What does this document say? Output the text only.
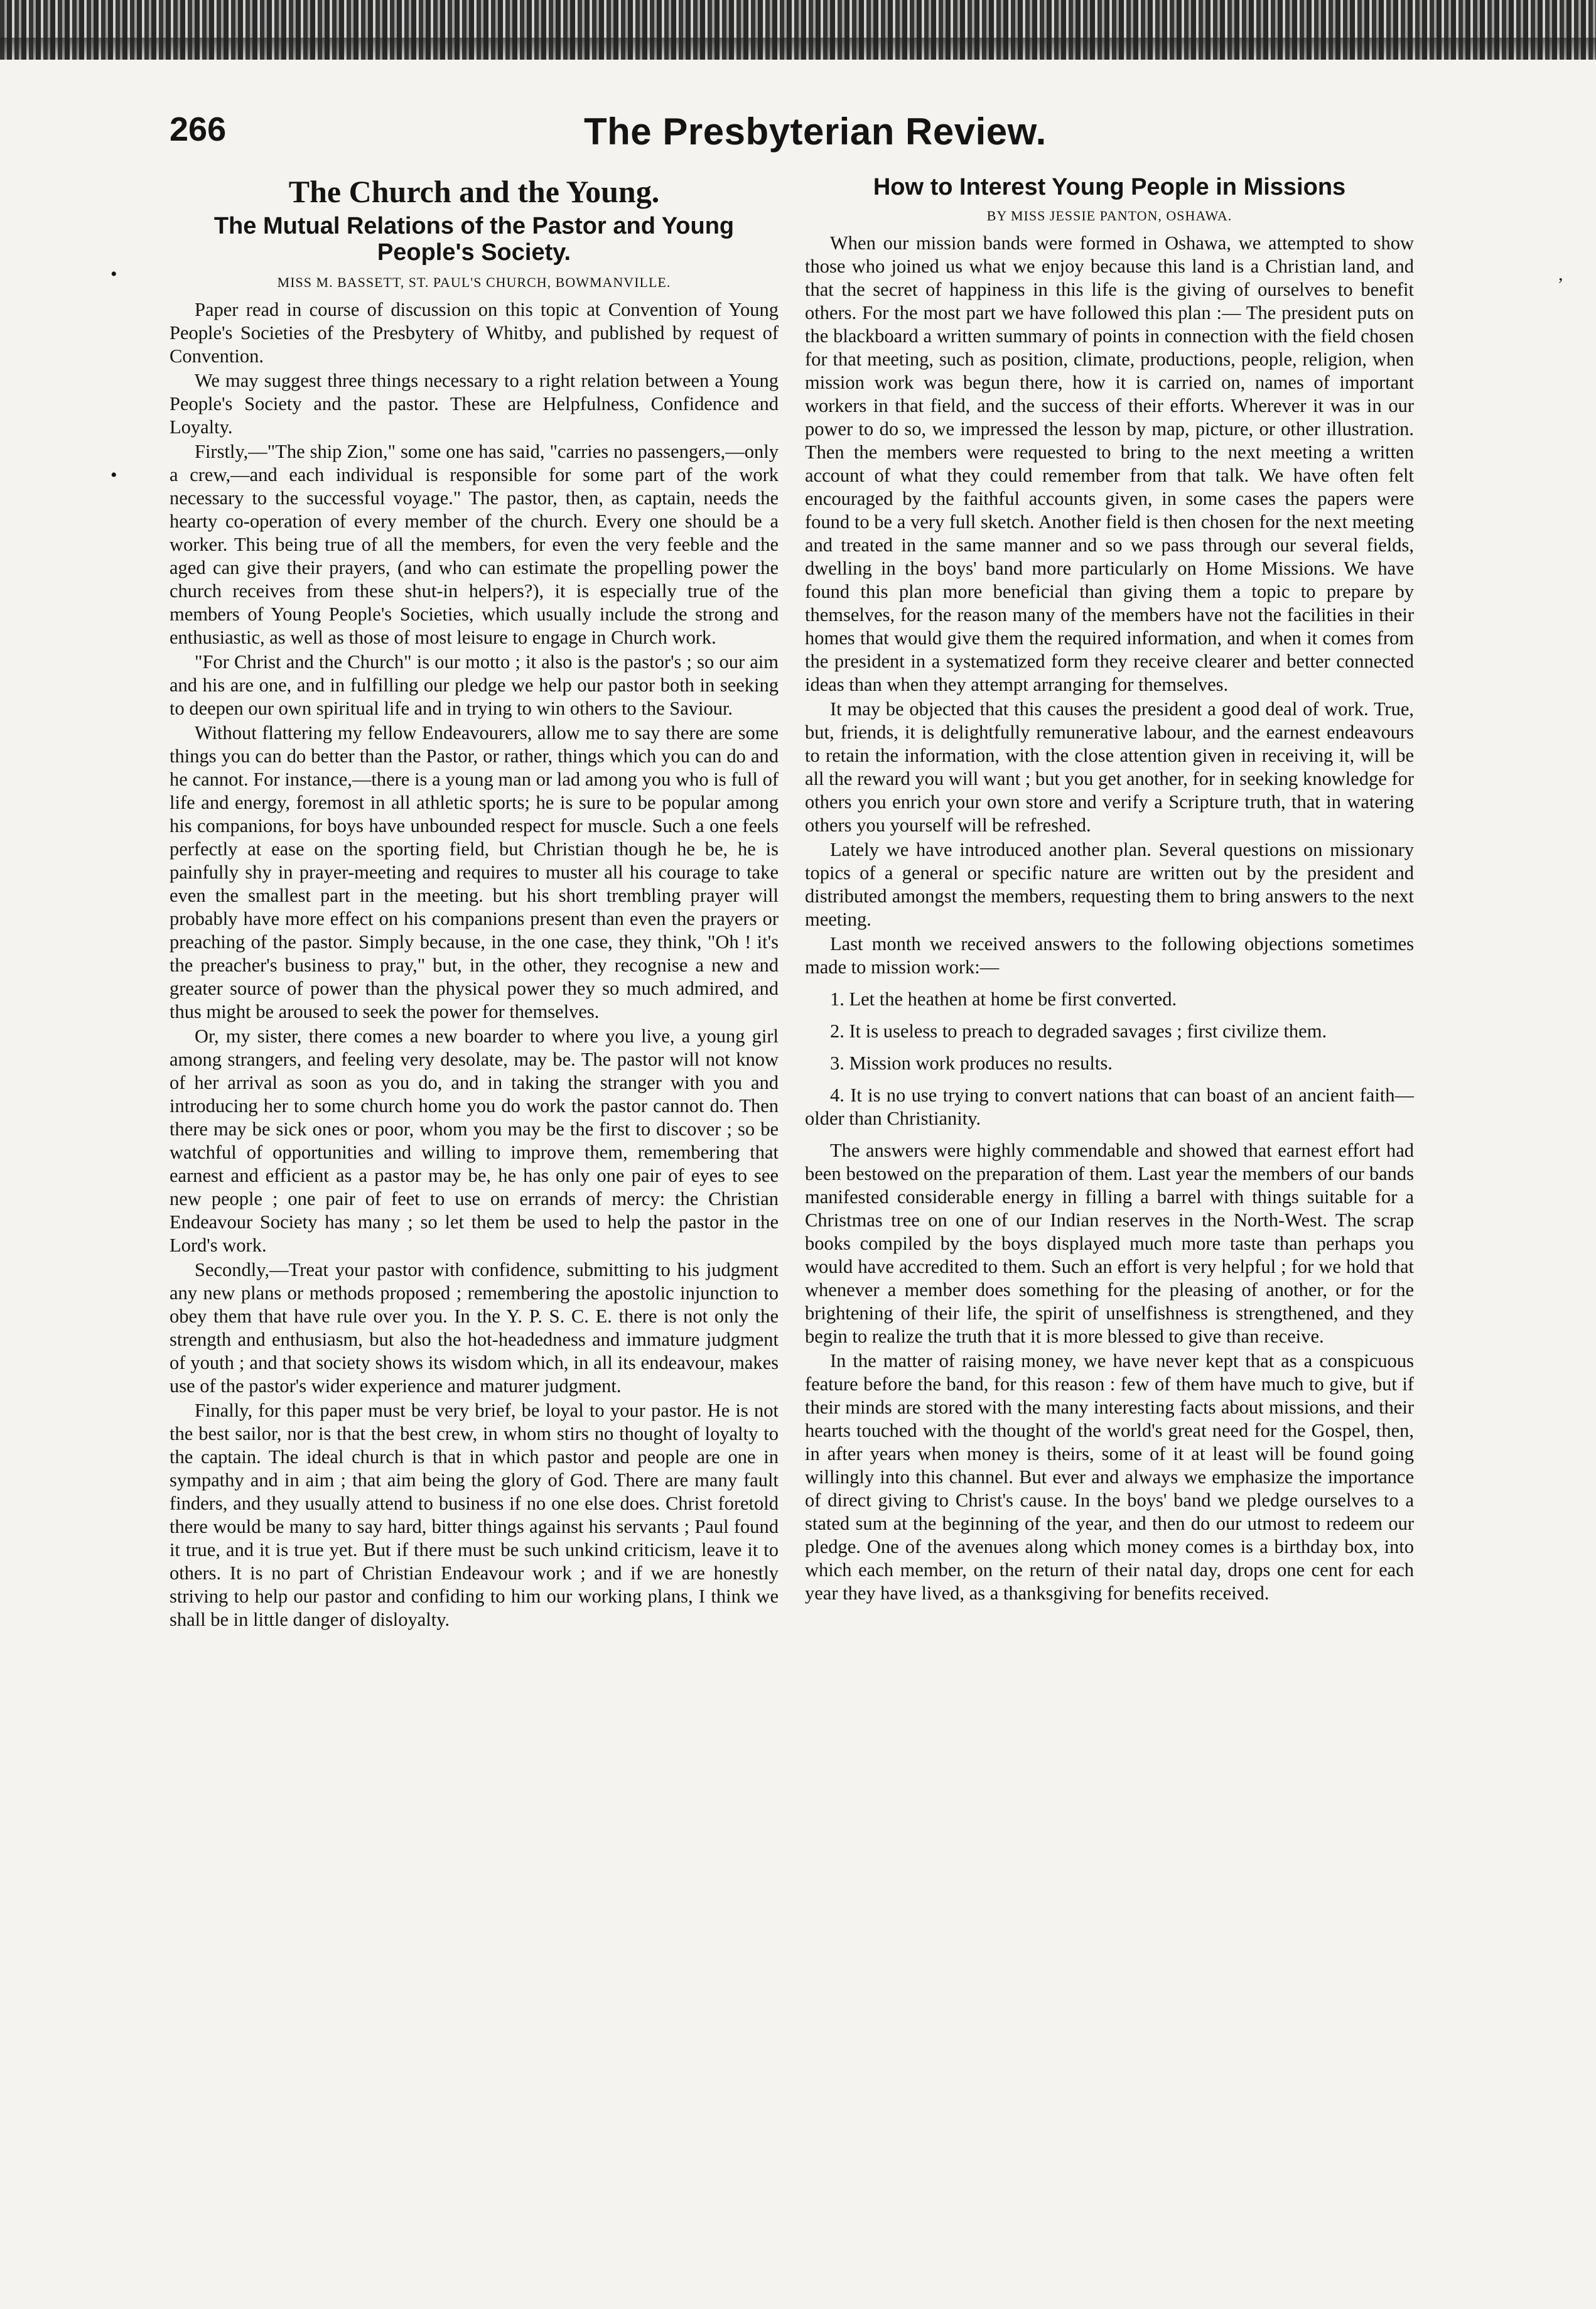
266	The Presbyterian Review.
•
•
,
The Church and the Young.
The Mutual Relations of the Pastor and Young People's Society.
MISS M. BASSETT, ST. PAUL'S CHURCH, BOWMANVILLE.

Paper read in course of discussion on this topic at Convention of Young People's Societies of the Presbytery of Whitby, and published by request of Convention.

We may suggest three things necessary to a right relation between a Young People's Society and the pastor. These are Helpfulness, Confidence and Loyalty.

Firstly,—"The ship Zion," some one has said, "carries no passengers,—only a crew,—and each individual is responsible for some part of the work necessary to the successful voyage." The pastor, then, as captain, needs the hearty co-operation of every member of the church. Every one should be a worker. This being true of all the members, for even the very feeble and the aged can give their prayers, (and who can estimate the propelling power the church receives from these shut-in helpers?), it is especially true of the members of Young People's Societies, which usually include the strong and enthusiastic, as well as those of most leisure to engage in Church work.

"For Christ and the Church" is our motto ; it also is the pastor's ; so our aim and his are one, and in fulfilling our pledge we help our pastor both in seeking to deepen our own spiritual life and in trying to win others to the Saviour.

Without flattering my fellow Endeavourers, allow me to say there are some things you can do better than the Pastor, or rather, things which you can do and he cannot. For instance,—there is a young man or lad among you who is full of life and energy, foremost in all athletic sports; he is sure to be popular among his companions, for boys have unbounded respect for muscle. Such a one feels perfectly at ease on the sporting field, but Christian though he be, he is painfully shy in prayer-meeting and requires to muster all his courage to take even the smallest part in the meeting. but his short trembling prayer will probably have more effect on his companions present than even the prayers or preaching of the pastor. Simply because, in the one case, they think, "Oh ! it's the preacher's business to pray," but, in the other, they recognise a new and greater source of power than the physical power they so much admired, and thus might be aroused to seek the power for themselves.

Or, my sister, there comes a new boarder to where you live, a young girl among strangers, and feeling very desolate, may be. The pastor will not know of her arrival as soon as you do, and in taking the stranger with you and introducing her to some church home you do work the pastor cannot do. Then there may be sick ones or poor, whom you may be the first to discover ; so be watchful of opportunities and willing to improve them, remembering that earnest and efficient as a pastor may be, he has only one pair of eyes to see new people ; one pair of feet to use on errands of mercy: the Christian Endeavour Society has many ; so let them be used to help the pastor in the Lord's work.

Secondly,—Treat your pastor with confidence, submitting to his judgment any new plans or methods proposed ; remembering the apostolic injunction to obey them that have rule over you. In the Y. P. S. C. E. there is not only the strength and enthusiasm, but also the hot-headedness and immature judgment of youth ; and that society shows its wisdom which, in all its endeavour, makes use of the pastor's wider experience and maturer judgment.

Finally, for this paper must be very brief, be loyal to your pastor. He is not the best sailor, nor is that the best crew, in whom stirs no thought of loyalty to the captain. The ideal church is that in which pastor and people are one in sympathy and in aim ; that aim being the glory of God. There are many fault finders, and they usually attend to business if no one else does. Christ foretold there would be many to say hard, bitter things against his servants ; Paul found it true, and it is true yet. But if there must be such unkind criticism, leave it to others. It is no part of Christian Endeavour work ; and if we are honestly striving to help our pastor and confiding to him our working plans, I think we shall be in little danger of disloyalty.

How to Interest Young People in Missions
BY MISS JESSIE PANTON, OSHAWA.

When our mission bands were formed in Oshawa, we attempted to show those who joined us what we enjoy because this land is a Christian land, and that the secret of happiness in this life is the giving of ourselves to benefit others. For the most part we have followed this plan :— The president puts on the blackboard a written summary of points in connection with the field chosen for that meeting, such as position, climate, productions, people, religion, when mission work was begun there, how it is carried on, names of important workers in that field, and the success of their efforts. Wherever it was in our power to do so, we impressed the lesson by map, picture, or other illustration. Then the members were requested to bring to the next meeting a written account of what they could remember from that talk. We have often felt encouraged by the faithful accounts given, in some cases the papers were found to be a very full sketch. Another field is then chosen for the next meeting and treated in the same manner and so we pass through our several fields, dwelling in the boys' band more particularly on Home Missions. We have found this plan more beneficial than giving them a topic to prepare by themselves, for the reason many of the members have not the facilities in their homes that would give them the required information, and when it comes from the president in a systematized form they receive clearer and better connected ideas than when they attempt arranging for themselves.

It may be objected that this causes the president a good deal of work. True, but, friends, it is delightfully remunerative labour, and the earnest endeavours to retain the information, with the close attention given in receiving it, will be all the reward you will want ; but you get another, for in seeking knowledge for others you enrich your own store and verify a Scripture truth, that in watering others you yourself will be refreshed.

Lately we have introduced another plan. Several questions on missionary topics of a general or specific nature are written out by the president and distributed amongst the members, requesting them to bring answers to the next meeting.

Last month we received answers to the following objections sometimes made to mission work:—

1. Let the heathen at home be first converted.

2. It is useless to preach to degraded savages ; first civilize them.

3. Mission work produces no results.

4. It is no use trying to convert nations that can boast of an ancient faith—older than Christianity.

The answers were highly commendable and showed that earnest effort had been bestowed on the preparation of them. Last year the members of our bands manifested considerable energy in filling a barrel with things suitable for a Christmas tree on one of our Indian reserves in the North-West. The scrap books compiled by the boys displayed much more taste than perhaps you would have accredited to them. Such an effort is very helpful ; for we hold that whenever a member does something for the pleasing of another, or for the brightening of their life, the spirit of unselfishness is strengthened, and they begin to realize the truth that it is more blessed to give than receive.

In the matter of raising money, we have never kept that as a conspicuous feature before the band, for this reason : few of them have much to give, but if their minds are stored with the many interesting facts about missions, and their hearts touched with the thought of the world's great need for the Gospel, then, in after years when money is theirs, some of it at least will be found going willingly into this channel. But ever and always we emphasize the importance of direct giving to Christ's cause. In the boys' band we pledge ourselves to a stated sum at the beginning of the year, and then do our utmost to redeem our pledge. One of the avenues along which money comes is a birthday box, into which each member, on the return of their natal day, drops one cent for each year they have lived, as a thanksgiving for benefits received.
